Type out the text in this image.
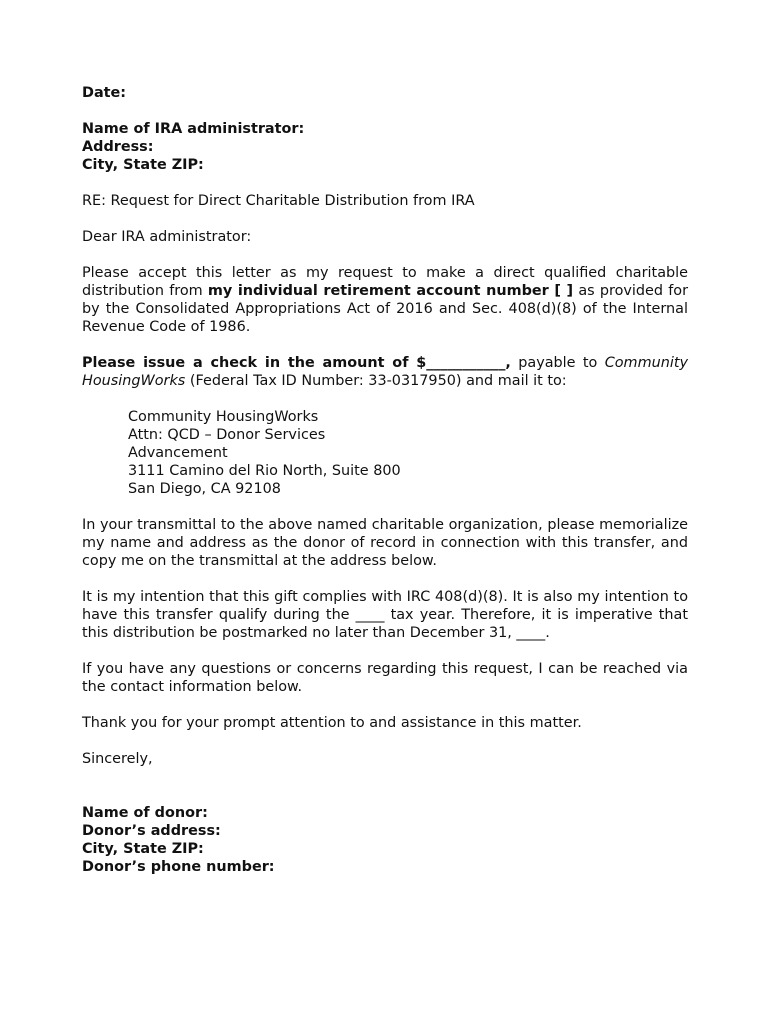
Date:
Name of IRA administrator:
Address:
City, State ZIP:
RE: Request for Direct Charitable Distribution from IRA
Dear IRA administrator:

Please accept this letter as my request to make a direct qualified charitable distribution from my individual retirement account number [ ] as provided for by the Consolidated Appropriations Act of 2016 and Sec. 408(d)(8) of the Internal Revenue Code of 1986.

Please issue a check in the amount of $___________, payable to Community HousingWorks (Federal Tax ID Number: 33-0317950) and mail it to:

Community HousingWorks
Attn: QCD – Donor Services
Advancement
3111 Camino del Rio North, Suite 800
San Diego, CA 92108

In your transmittal to the above named charitable organization, please memorialize my name and address as the donor of record in connection with this transfer, and copy me on the transmittal at the address below.

It is my intention that this gift complies with IRC 408(d)(8). It is also my intention to have this transfer qualify during the ____ tax year. Therefore, it is imperative that this distribution be postmarked no later than December 31, ____.

If you have any questions or concerns regarding this request, I can be reached via the contact information below.

Thank you for your prompt attention to and assistance in this matter.
Sincerely,
Name of donor:
Donor’s address:
City, State ZIP:
Donor’s phone number:
